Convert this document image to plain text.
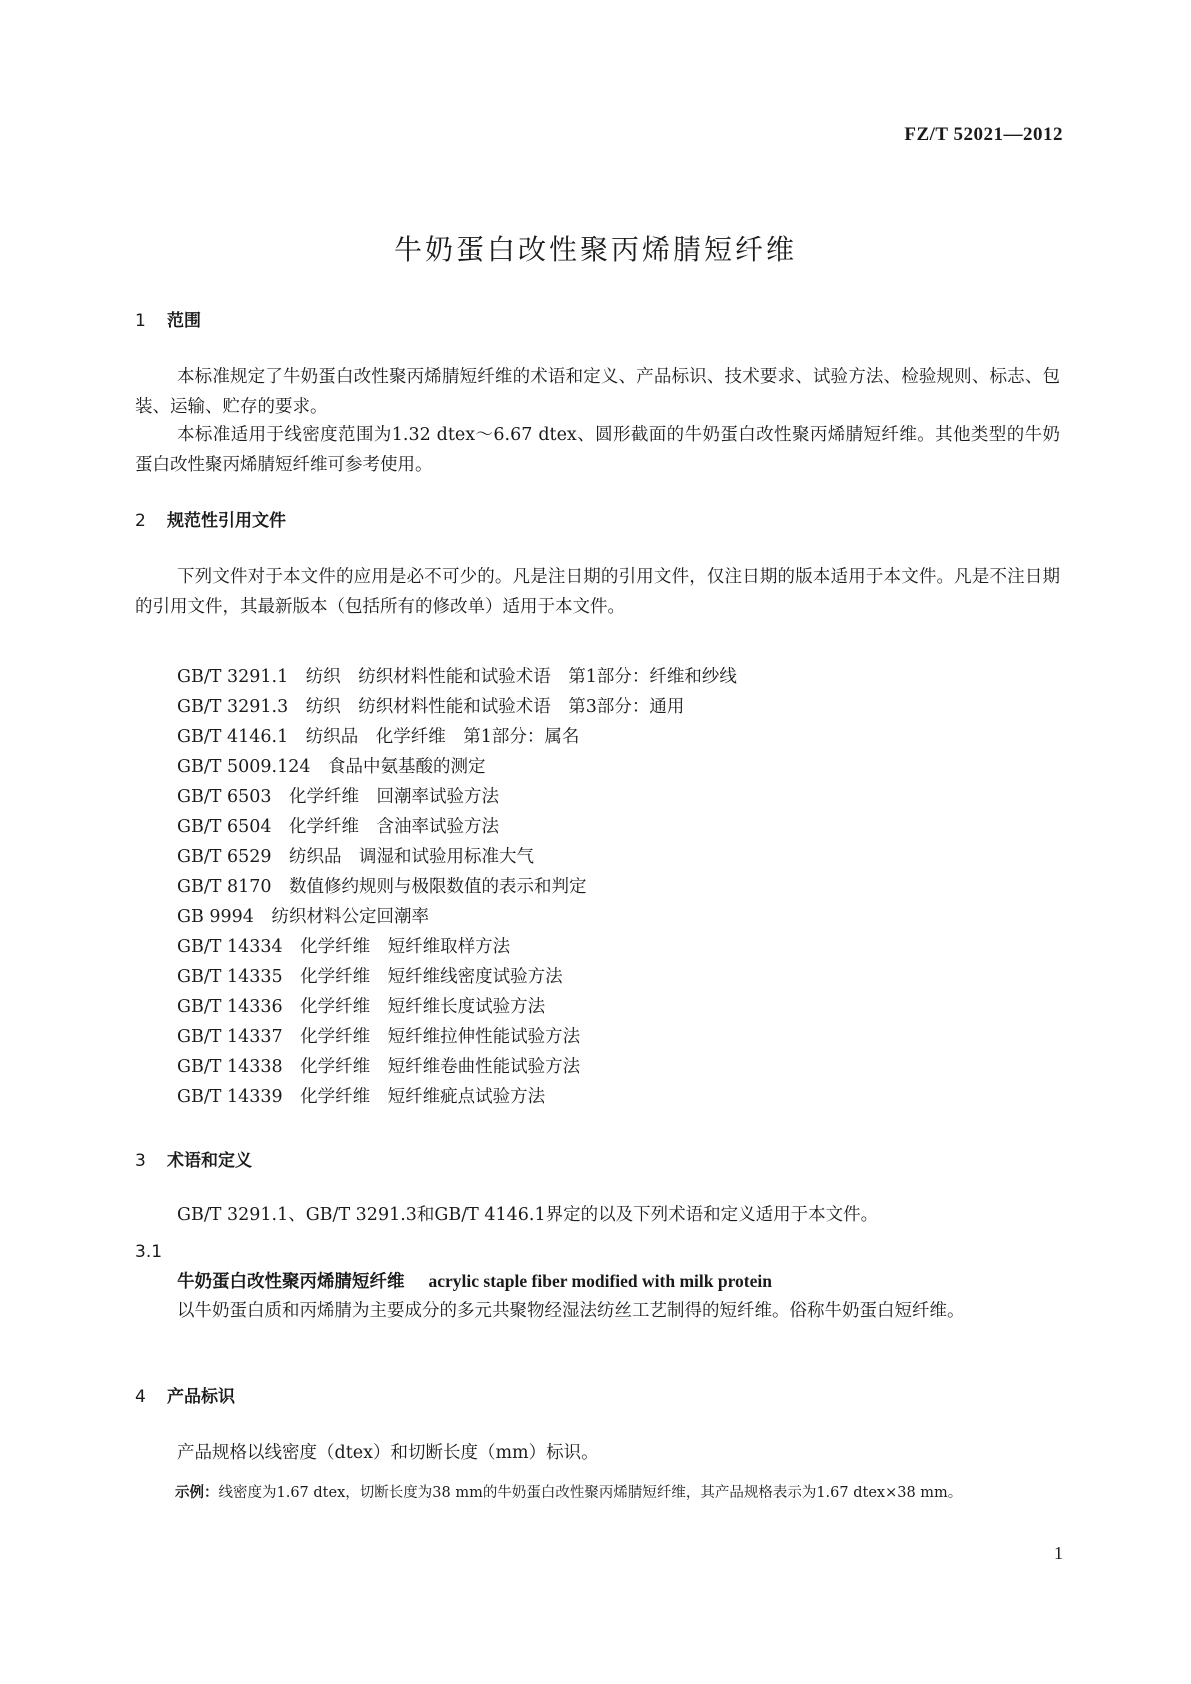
FZ/T 52021—2012
牛奶蛋白改性聚丙烯腈短纤维
1 范围
本标准规定了牛奶蛋白改性聚丙烯腈短纤维的术语和定义、产品标识、技术要求、试验方法、检验规则、标志、包装、运输、贮存的要求。
本标准适用于线密度范围为1.32 dtex～6.67 dtex、圆形截面的牛奶蛋白改性聚丙烯腈短纤维。其他类型的牛奶蛋白改性聚丙烯腈短纤维可参考使用。
2 规范性引用文件
下列文件对于本文件的应用是必不可少的。凡是注日期的引用文件，仅注日期的版本适用于本文件。凡是不注日期的引用文件，其最新版本（包括所有的修改单）适用于本文件。
GB/T 3291.1　纺织　纺织材料性能和试验术语　第1部分：纤维和纱线
GB/T 3291.3　纺织　纺织材料性能和试验术语　第3部分：通用
GB/T 4146.1　纺织品　化学纤维　第1部分：属名
GB/T 5009.124　食品中氨基酸的测定
GB/T 6503　化学纤维　回潮率试验方法
GB/T 6504　化学纤维　含油率试验方法
GB/T 6529　纺织品　调湿和试验用标准大气
GB/T 8170　数值修约规则与极限数值的表示和判定
GB 9994　纺织材料公定回潮率
GB/T 14334　化学纤维　短纤维取样方法
GB/T 14335　化学纤维　短纤维线密度试验方法
GB/T 14336　化学纤维　短纤维长度试验方法
GB/T 14337　化学纤维　短纤维拉伸性能试验方法
GB/T 14338　化学纤维　短纤维卷曲性能试验方法
GB/T 14339　化学纤维　短纤维疵点试验方法
3 术语和定义
GB/T 3291.1、GB/T 3291.3和GB/T 4146.1界定的以及下列术语和定义适用于本文件。
3.1
牛奶蛋白改性聚丙烯腈短纤维 acrylic staple fiber modified with milk protein
以牛奶蛋白质和丙烯腈为主要成分的多元共聚物经湿法纺丝工艺制得的短纤维。俗称牛奶蛋白短纤维。
4 产品标识
产品规格以线密度（dtex）和切断长度（mm）标识。
示例：线密度为1.67 dtex，切断长度为38 mm的牛奶蛋白改性聚丙烯腈短纤维，其产品规格表示为1.67 dtex×38 mm。
1
